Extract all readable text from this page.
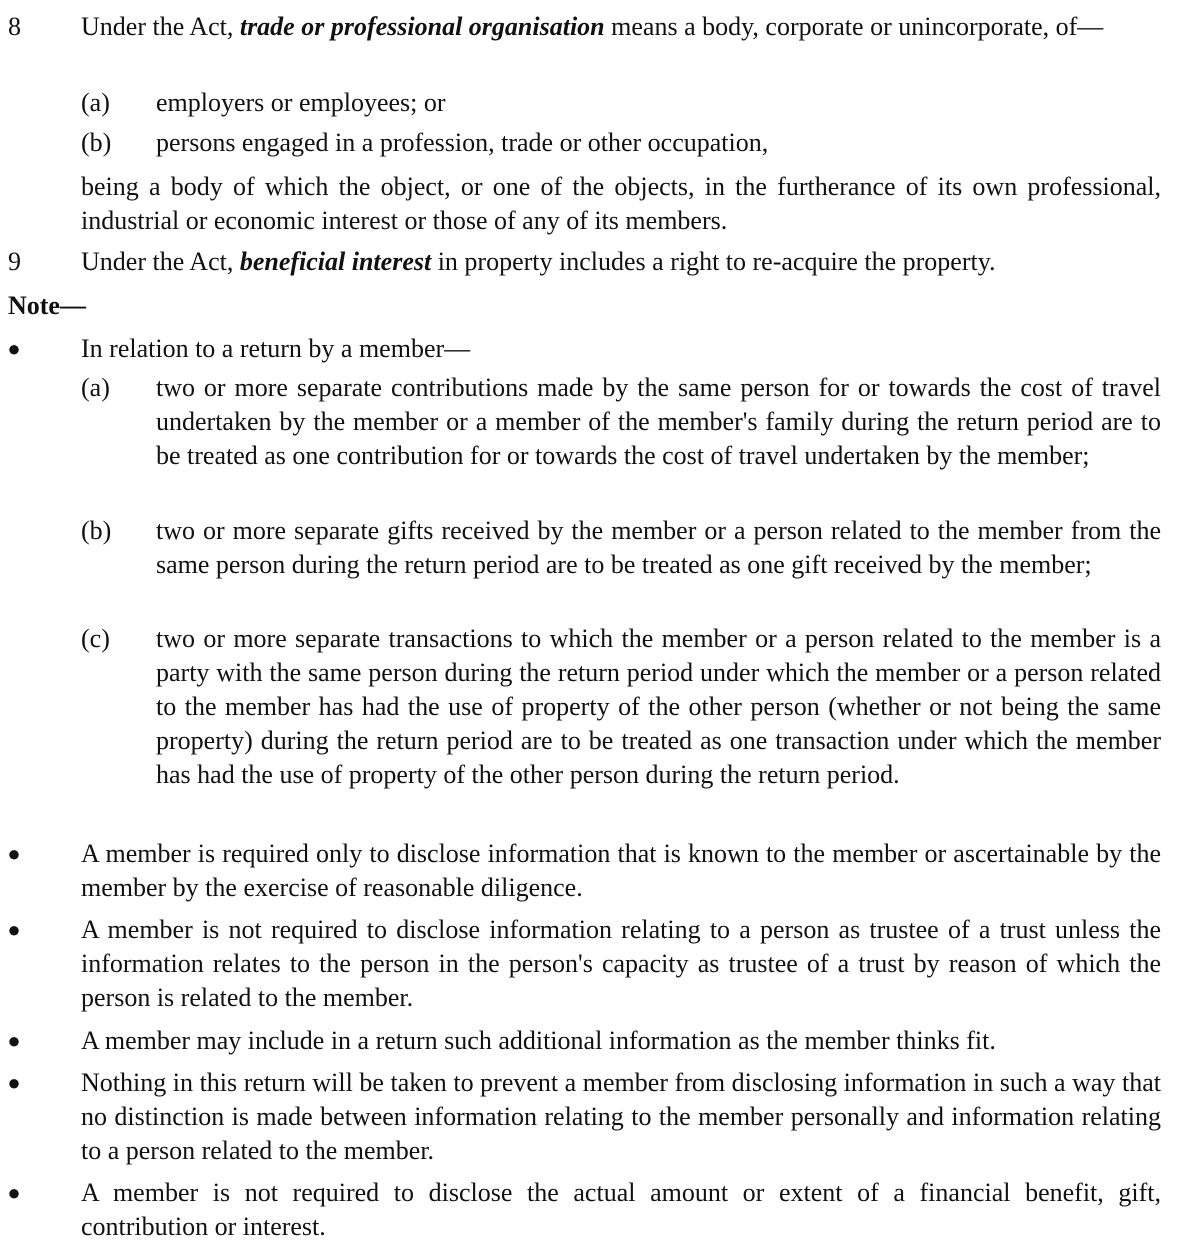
8 Under the Act, trade or professional organisation means a body, corporate or unincorporate, of—
(a) employers or employees; or
(b) persons engaged in a profession, trade or other occupation,
being a body of which the object, or one of the objects, in the furtherance of its own professional, industrial or economic interest or those of any of its members.
9 Under the Act, beneficial interest in property includes a right to re-acquire the property.
Note—
● In relation to a return by a member—
(a) two or more separate contributions made by the same person for or towards the cost of travel undertaken by the member or a member of the member's family during the return period are to be treated as one contribution for or towards the cost of travel undertaken by the member;
(b) two or more separate gifts received by the member or a person related to the member from the same person during the return period are to be treated as one gift received by the member;
(c) two or more separate transactions to which the member or a person related to the member is a party with the same person during the return period under which the member or a person related to the member has had the use of property of the other person (whether or not being the same property) during the return period are to be treated as one transaction under which the member has had the use of property of the other person during the return period.
● A member is required only to disclose information that is known to the member or ascertainable by the member by the exercise of reasonable diligence.
● A member is not required to disclose information relating to a person as trustee of a trust unless the information relates to the person in the person's capacity as trustee of a trust by reason of which the person is related to the member.
● A member may include in a return such additional information as the member thinks fit.
● Nothing in this return will be taken to prevent a member from disclosing information in such a way that no distinction is made between information relating to the member personally and information relating to a person related to the member.
● A member is not required to disclose the actual amount or extent of a financial benefit, gift, contribution or interest.
